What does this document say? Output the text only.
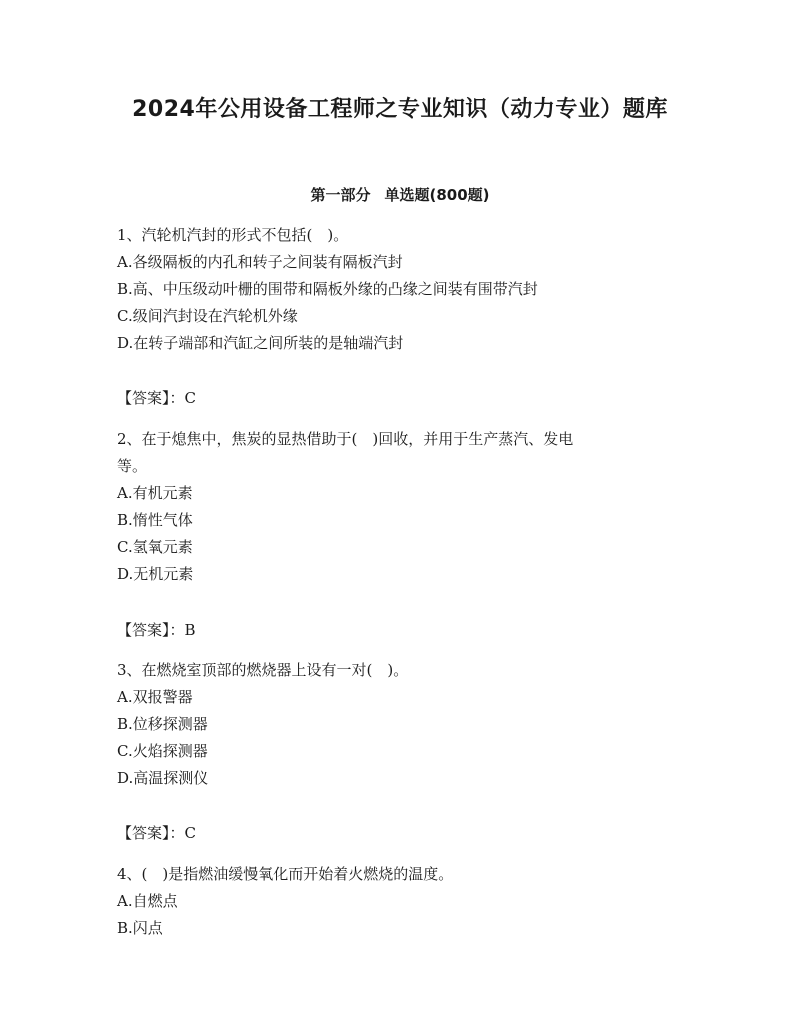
2024年公用设备工程师之专业知识（动力专业）题库
第一部分 单选题(800题)
1、汽轮机汽封的形式不包括(　)。
A.各级隔板的内孔和转子之间装有隔板汽封
B.高、中压级动叶栅的围带和隔板外缘的凸缘之间装有围带汽封
C.级间汽封设在汽轮机外缘
D.在转子端部和汽缸之间所装的是轴端汽封
【答案】：C
2、在于熄焦中，焦炭的显热借助于(　)回收，并用于生产蒸汽、发电
等。
A.有机元素
B.惰性气体
C.氢氧元素
D.无机元素
【答案】：B
3、在燃烧室顶部的燃烧器上设有一对(　)。
A.双报警器
B.位移探测器
C.火焰探测器
D.高温探测仪
【答案】：C
4、(　)是指燃油缓慢氧化而开始着火燃烧的温度。
A.自燃点
B.闪点
